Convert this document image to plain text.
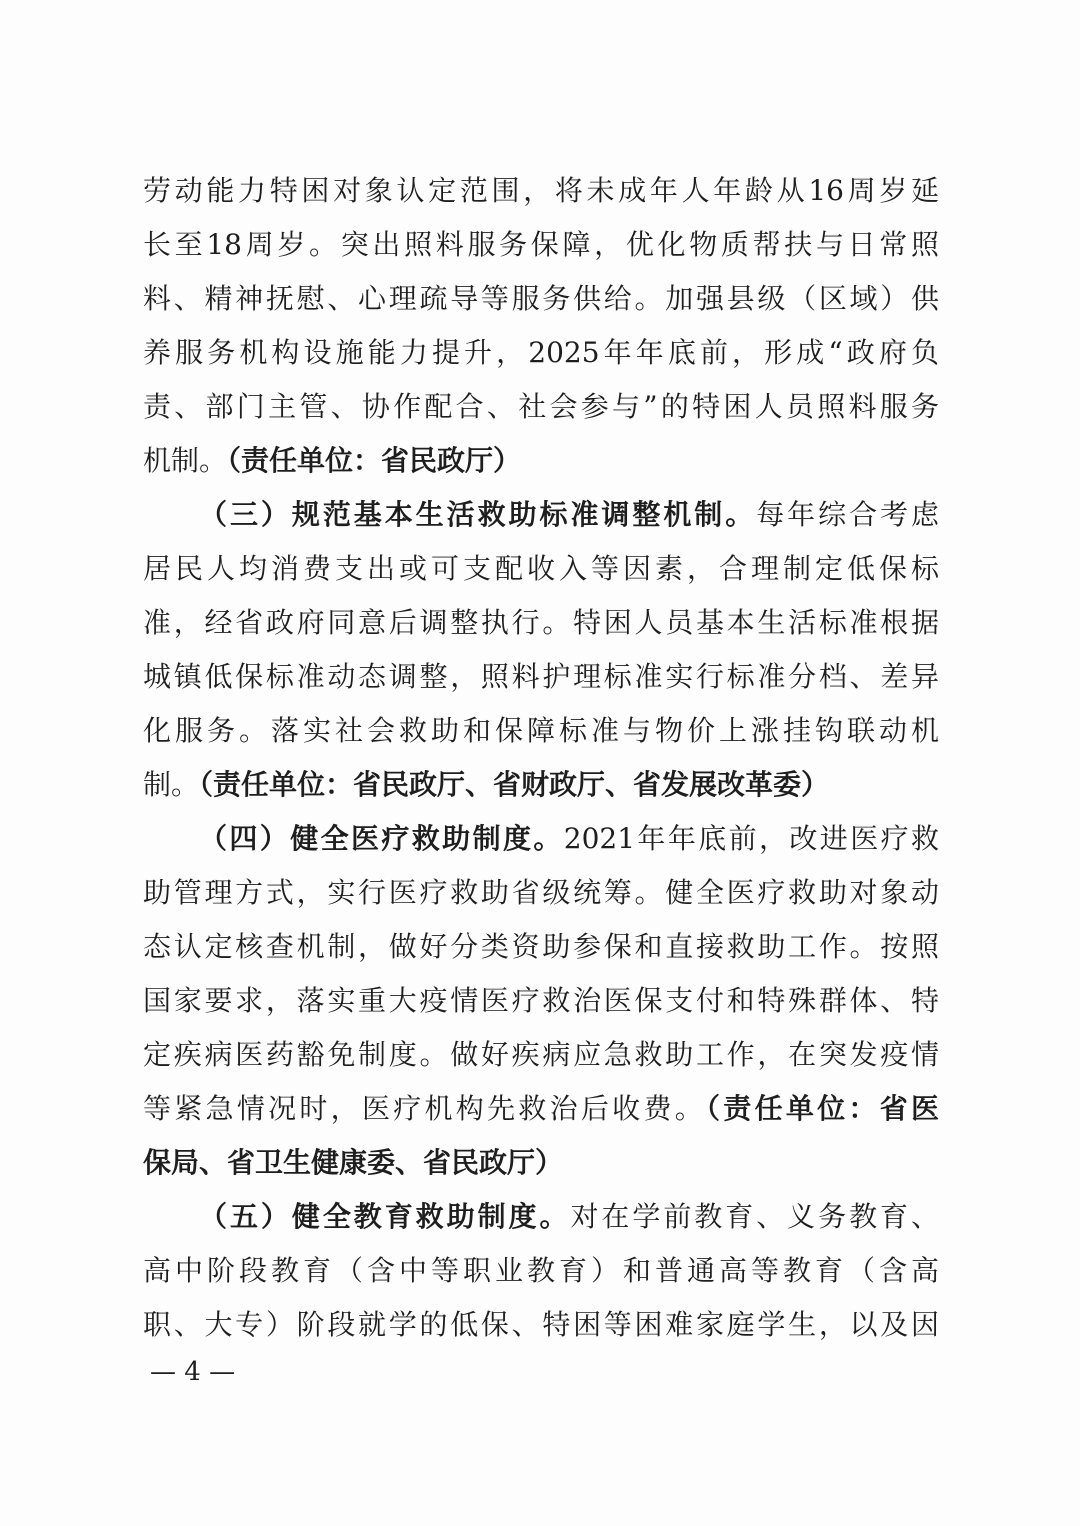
劳动能力特困对象认定范围，将未成年人年龄从16周岁延
长至18周岁。突出照料服务保障，优化物质帮扶与日常照
料、精神抚慰、心理疏导等服务供给。加强县级（区域）供
养服务机构设施能力提升，2025年年底前，形成“政府负
责、部门主管、协作配合、社会参与”的特困人员照料服务
机制。（责任单位：省民政厅）
（三）规范基本生活救助标准调整机制。每年综合考虑
居民人均消费支出或可支配收入等因素，合理制定低保标
准，经省政府同意后调整执行。特困人员基本生活标准根据
城镇低保标准动态调整，照料护理标准实行标准分档、差异
化服务。落实社会救助和保障标准与物价上涨挂钩联动机
制。（责任单位：省民政厅、省财政厅、省发展改革委）
（四）健全医疗救助制度。2021年年底前，改进医疗救
助管理方式，实行医疗救助省级统筹。健全医疗救助对象动
态认定核查机制，做好分类资助参保和直接救助工作。按照
国家要求，落实重大疫情医疗救治医保支付和特殊群体、特
定疾病医药豁免制度。做好疾病应急救助工作，在突发疫情
等紧急情况时，医疗机构先救治后收费。（责任单位：省医
保局、省卫生健康委、省民政厅）
（五）健全教育救助制度。对在学前教育、义务教育、
高中阶段教育（含中等职业教育）和普通高等教育（含高
职、大专）阶段就学的低保、特困等困难家庭学生，以及因
— 4 —
